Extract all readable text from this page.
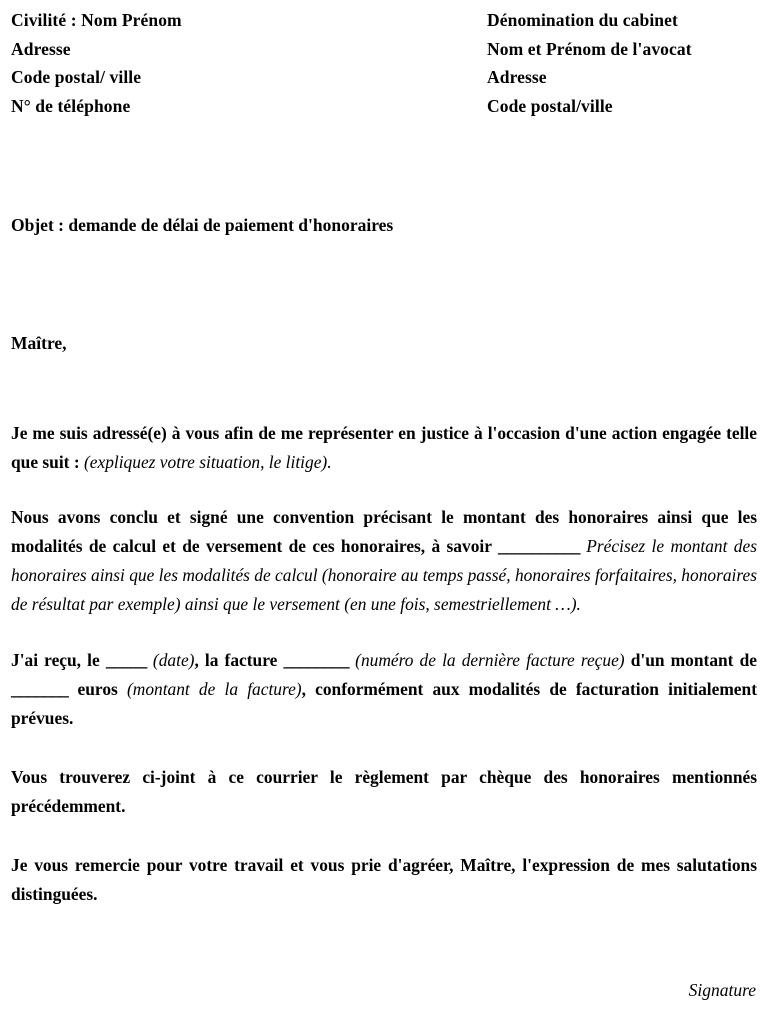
Civilité : Nom Prénom
Adresse
Code postal/ ville
N° de téléphone
Dénomination du cabinet
Nom et Prénom de l'avocat
Adresse
Code postal/ville
Objet : demande de délai de paiement d'honoraires
Maître,

Je me suis adressé(e) à vous afin de me représenter en justice à l'occasion d'une action engagée telle que suit : (expliquez votre situation, le litige).

Nous avons conclu et signé une convention précisant le montant des honoraires ainsi que les modalités de calcul et de versement de ces honoraires, à savoir __________ Précisez le montant des honoraires ainsi que les modalités de calcul (honoraire au temps passé, honoraires forfaitaires, honoraires de résultat par exemple) ainsi que le versement (en une fois, semestriellement …).

J'ai reçu, le _____ (date), la facture ________ (numéro de la dernière facture reçue) d'un montant de _______ euros (montant de la facture), conformément aux modalités de facturation initialement prévues.

Vous trouverez ci-joint à ce courrier le règlement par chèque des honoraires mentionnés précédemment.

Je vous remercie pour votre travail et vous prie d'agréer, Maître, l'expression de mes salutations distinguées.

Signature
